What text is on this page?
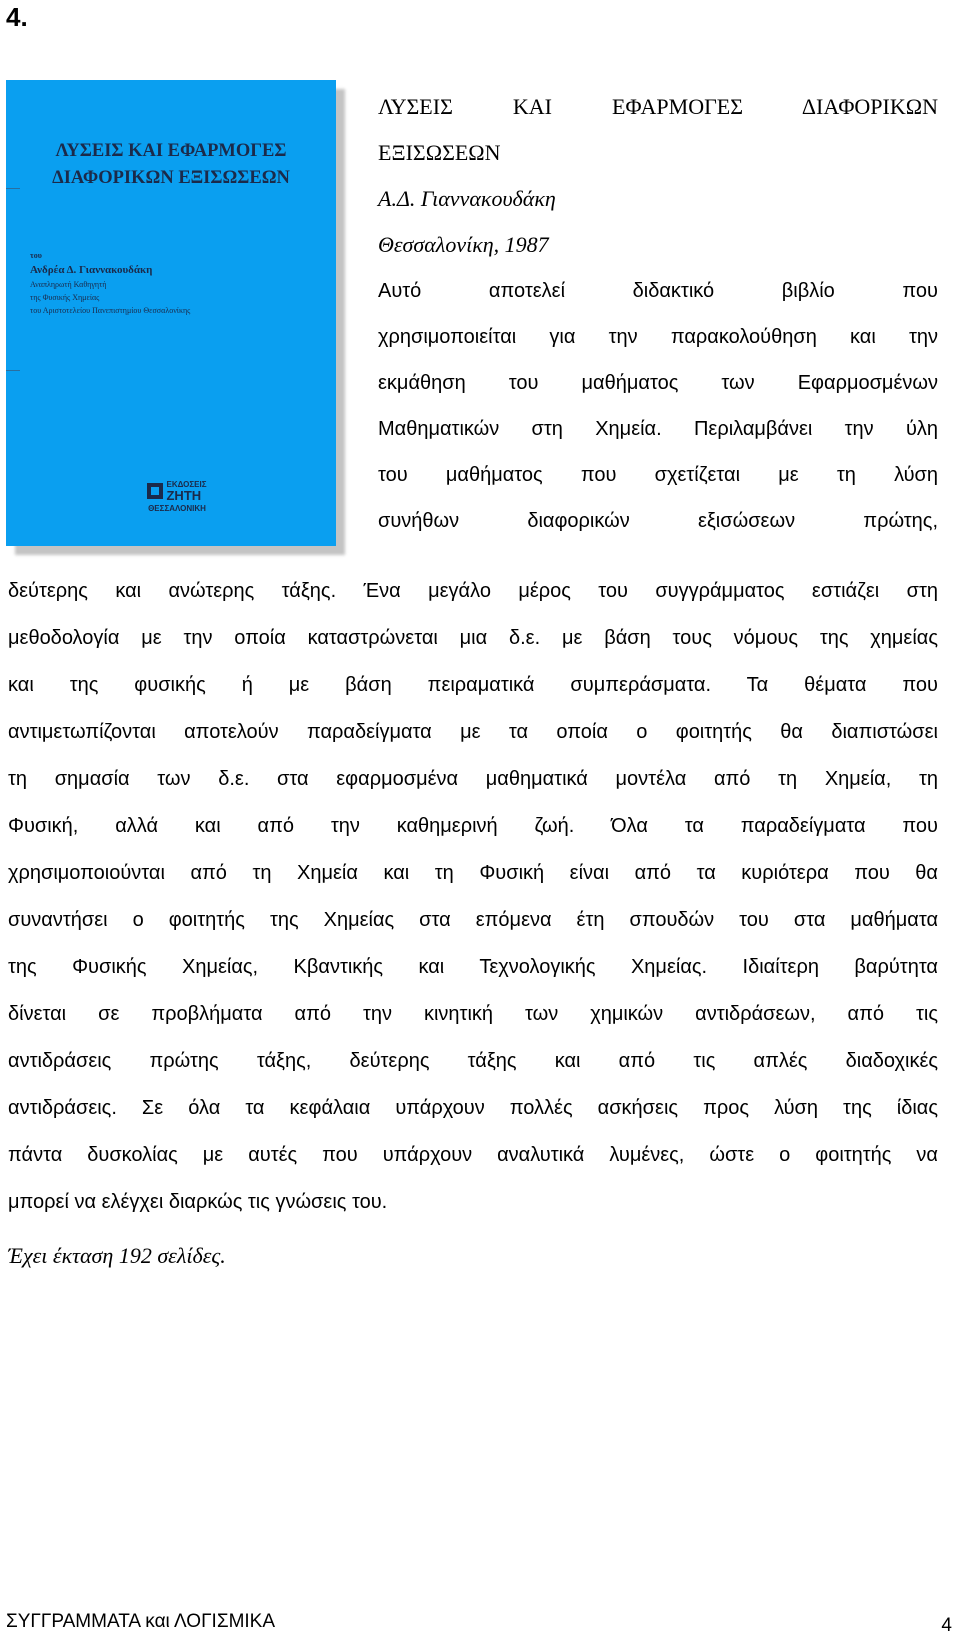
4.
ΛΥΣΕΙΣ ΚΑΙ ΕΦΑΡΜΟΓΕΣ
ΔΙΑΦΟΡΙΚΩΝ ΕΞΙΣΩΣΕΩΝ
του
Ανδρέα Δ. Γιαννακουδάκη
Αναπληρωτή Καθηγητή
της Φυσικής Χημείας
του Αριστοτελείου Πανεπιστημίου Θεσσαλονίκης
ΕΚΔΟΣΕΙΣ
ΖΗΤΗ
ΘΕΣΣΑΛΟΝΙΚΗ
ΛΥΣΕΙΣ ΚΑΙ ΕΦΑΡΜΟΓΕΣ ΔΙΑΦΟΡΙΚΩΝ
ΕΞΙΣΩΣΕΩΝ
Α.Δ. Γιαννακουδάκη
Θεσσαλονίκη, 1987
Αυτό αποτελεί διδακτικό βιβλίο που
χρησιμοποιείται για την παρακολούθηση και την
εκμάθηση του μαθήματος των Εφαρμοσμένων
Μαθηματικών στη Χημεία. Περιλαμβάνει την ύλη
του μαθήματος που σχετίζεται με τη λύση
συνήθων διαφορικών εξισώσεων πρώτης,
δεύτερης και ανώτερης τάξης. Ένα μεγάλο μέρος του συγγράμματος εστιάζει στη
μεθοδολογία με την οποία καταστρώνεται μια δ.ε. με βάση τους νόμους της χημείας
και της φυσικής ή με βάση πειραματικά συμπεράσματα. Τα θέματα που
αντιμετωπίζονται αποτελούν παραδείγματα με τα οποία ο φοιτητής θα διαπιστώσει
τη σημασία των δ.ε. στα εφαρμοσμένα μαθηματικά μοντέλα από τη Χημεία, τη
Φυσική, αλλά και από την καθημερινή ζωή. Όλα τα παραδείγματα που
χρησιμοποιούνται από τη Χημεία και τη Φυσική είναι από τα κυριότερα που θα
συναντήσει ο φοιτητής της Χημείας στα επόμενα έτη σπουδών του στα μαθήματα
της Φυσικής Χημείας, Κβαντικής και Τεχνολογικής Χημείας. Ιδιαίτερη βαρύτητα
δίνεται σε προβλήματα από την κινητική των χημικών αντιδράσεων, από τις
αντιδράσεις πρώτης τάξης, δεύτερης τάξης και από τις απλές διαδοχικές
αντιδράσεις. Σε όλα τα κεφάλαια υπάρχουν πολλές ασκήσεις προς λύση της ίδιας
πάντα δυσκολίας με αυτές που υπάρχουν αναλυτικά λυμένες, ώστε ο φοιτητής να
μπορεί να ελέγχει διαρκώς τις γνώσεις του.
Έχει έκταση 192 σελίδες.
ΣΥΓΓΡΑΜΜΑΤΑ και ΛΟΓΙΣΜΙΚΑ	4
